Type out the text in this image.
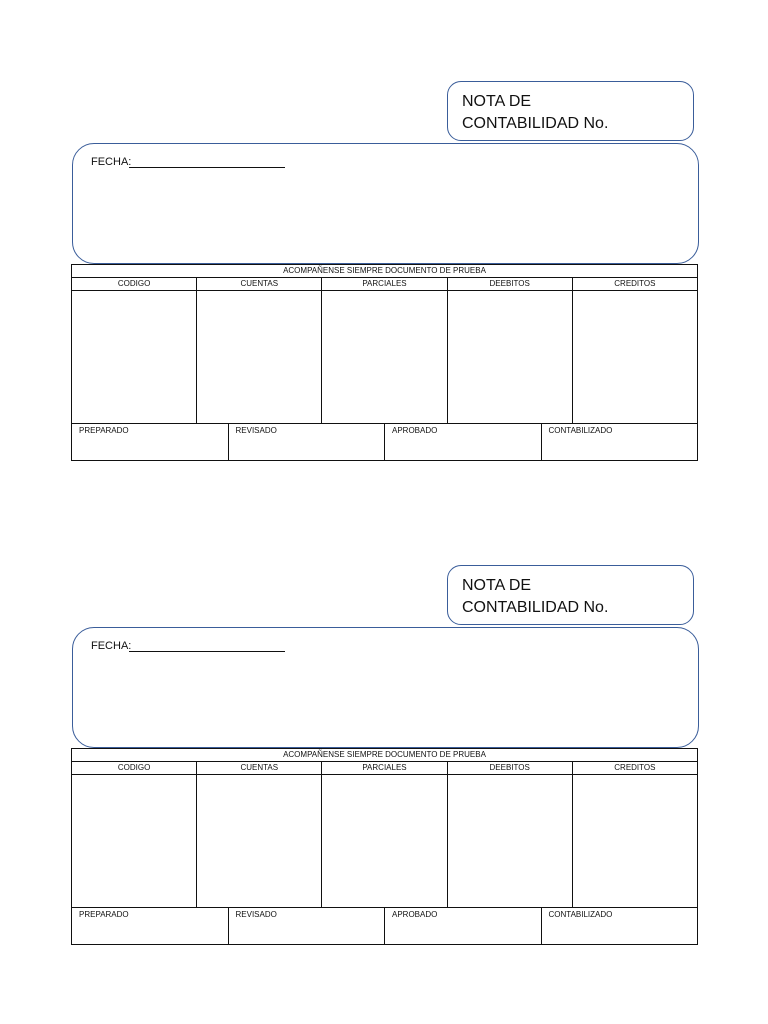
NOTA DE
CONTABILIDAD No.
FECHA:
ACOMPAÑENSE SIEMPRE DOCUMENTO DE PRUEBA				
CODIGO	CUENTAS	PARCIALES	DEEBITOS	CREDITOS

PREPARADO	REVISADO	APROBADO	CONTABILIZADO
NOTA DE
CONTABILIDAD No.
FECHA:
ACOMPAÑENSE SIEMPRE DOCUMENTO DE PRUEBA				
CODIGO	CUENTAS	PARCIALES	DEEBITOS	CREDITOS

PREPARADO	REVISADO	APROBADO	CONTABILIZADO
